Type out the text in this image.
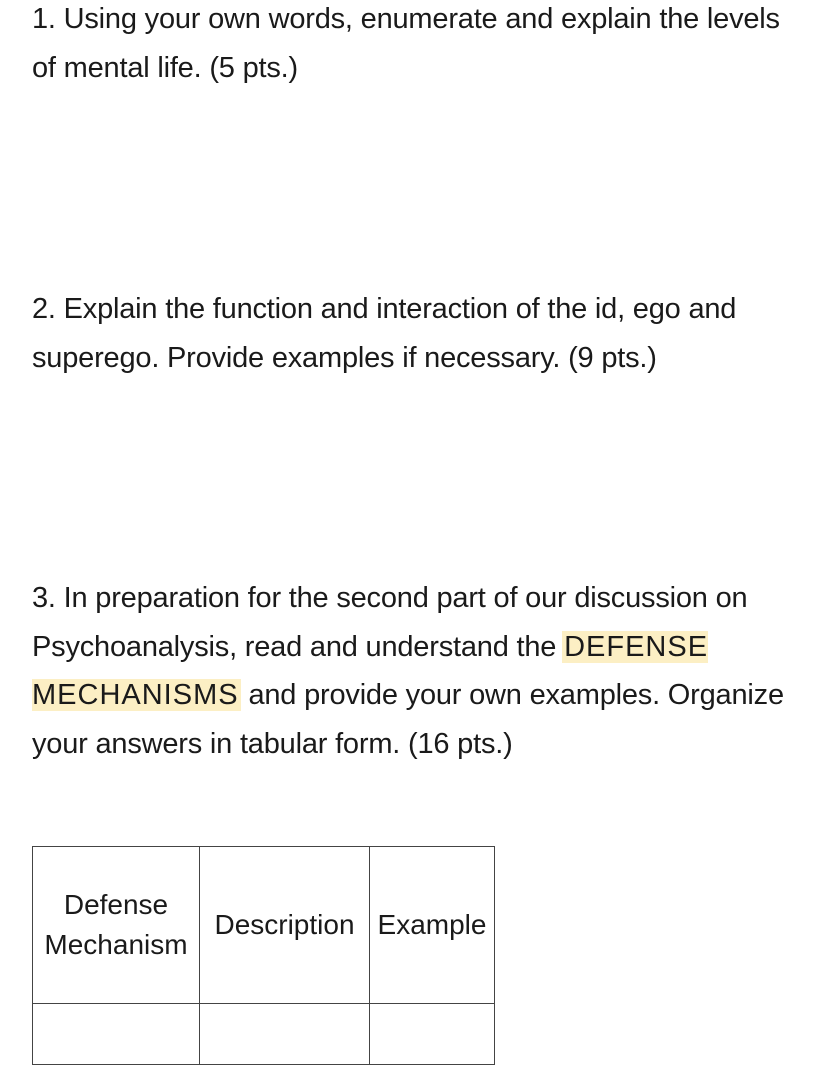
1. Using your own words, enumerate and explain the levels of mental life. (5 pts.)

2. Explain the function and interaction of the id, ego and superego. Provide examples if necessary. (9 pts.)

3. In preparation for the second part of our discussion on Psychoanalysis, read and understand the DEFENSE MECHANISMS and provide your own examples. Organize your answers in tabular form. (16 pts.)

Defense Mechanism	Description	Example
